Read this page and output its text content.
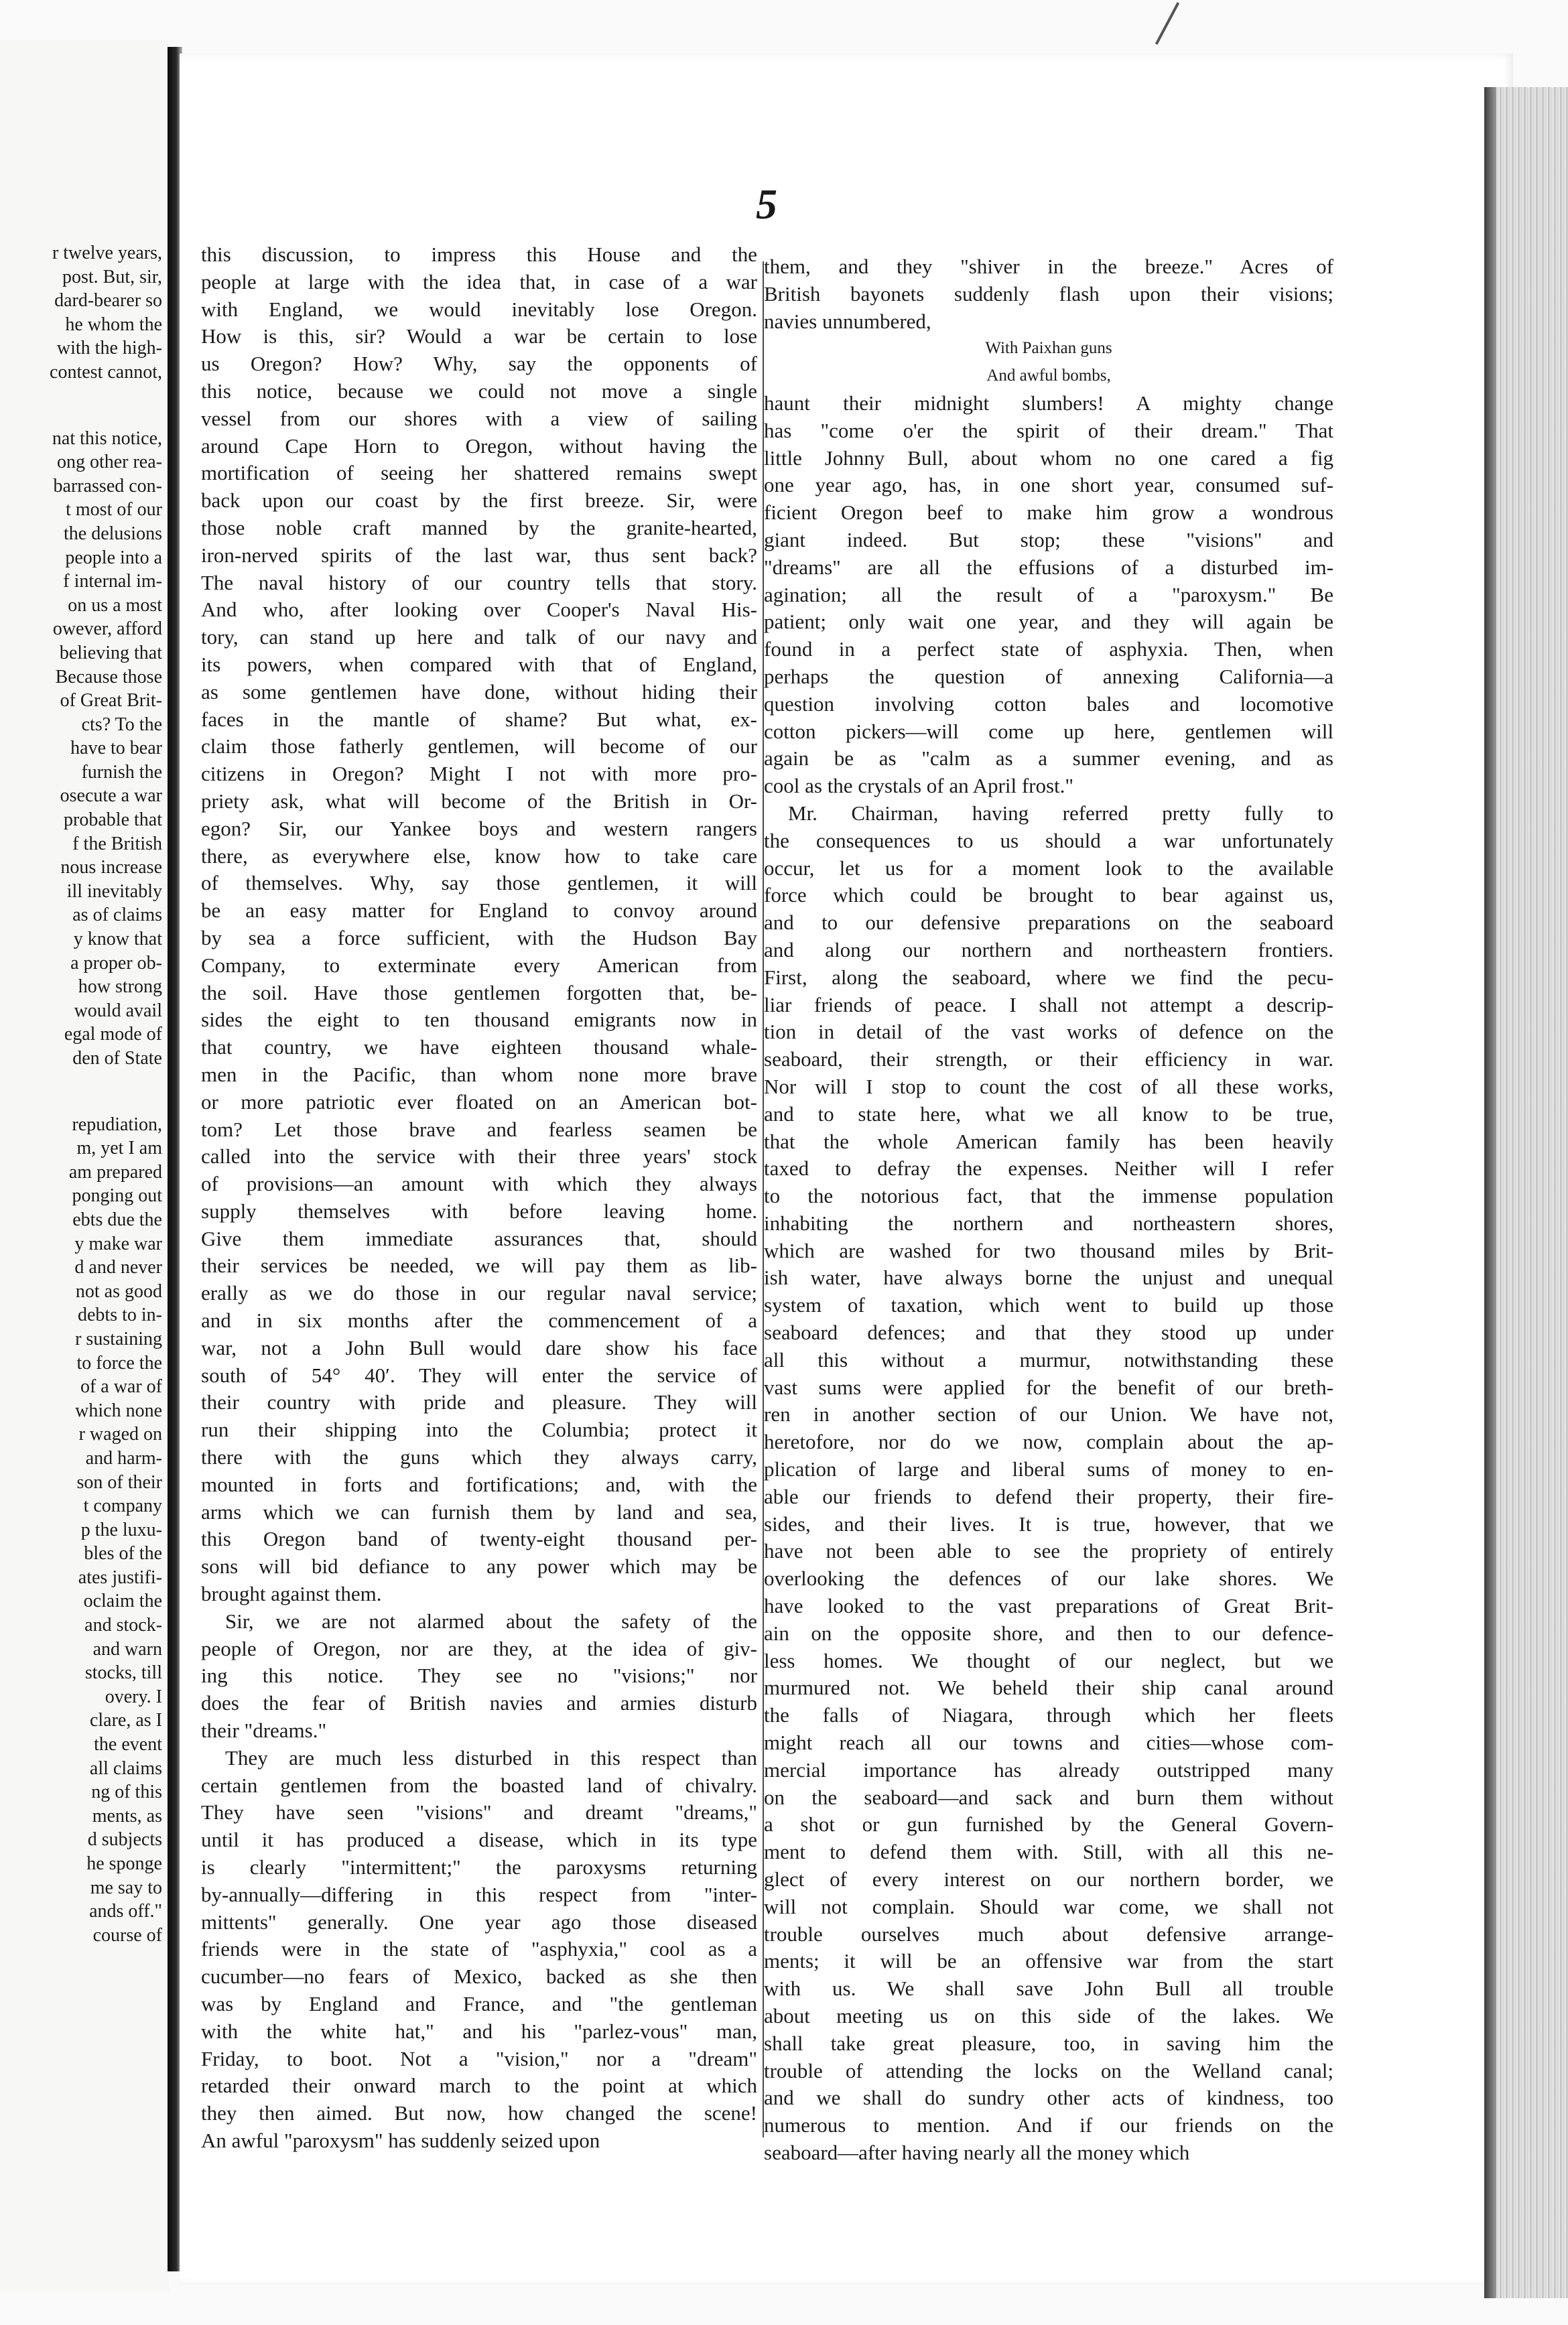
r twelve years,
post. But, sir,
dard-bearer so
he whom the
with the high-
contest cannot,
nat this notice,
ong other rea-
barrassed con-
t most of our
the delusions
people into a
f internal im-
on us a most
owever, afford
believing that
Because those
of Great Brit-
cts? To the
have to bear
furnish the
osecute a war
probable that
f the British
nous increase
ill inevitably
as of claims
y know that
a proper ob-
how strong
would avail
egal mode of
den of State
repudiation,
m, yet I am
am prepared
ponging out
ebts due the
y make war
d and never
not as good
debts to in-
r sustaining
to force the
of a war of
which none
r waged on
and harm-
son of their
t company
p the luxu-
bles of the
ates justifi-
oclaim the
and stock-
and warn
stocks, till
overy. I
clare, as I
the event
all claims
ng of this
ments, as
d subjects
he sponge
me say to
ands off."
course of
5
this discussion, to impress this House and the
people at large with the idea that, in case of a war
with England, we would inevitably lose Oregon.
How is this, sir? Would a war be certain to lose
us Oregon? How? Why, say the opponents of
this notice, because we could not move a single
vessel from our shores with a view of sailing
around Cape Horn to Oregon, without having the
mortification of seeing her shattered remains swept
back upon our coast by the first breeze. Sir, were
those noble craft manned by the granite-hearted,
iron-nerved spirits of the last war, thus sent back?
The naval history of our country tells that story.
And who, after looking over Cooper's Naval His-
tory, can stand up here and talk of our navy and
its powers, when compared with that of England,
as some gentlemen have done, without hiding their
faces in the mantle of shame? But what, ex-
claim those fatherly gentlemen, will become of our
citizens in Oregon? Might I not with more pro-
priety ask, what will become of the British in Or-
egon? Sir, our Yankee boys and western rangers
there, as everywhere else, know how to take care
of themselves. Why, say those gentlemen, it will
be an easy matter for England to convoy around
by sea a force sufficient, with the Hudson Bay
Company, to exterminate every American from
the soil. Have those gentlemen forgotten that, be-
sides the eight to ten thousand emigrants now in
that country, we have eighteen thousand whale-
men in the Pacific, than whom none more brave
or more patriotic ever floated on an American bot-
tom? Let those brave and fearless seamen be
called into the service with their three years' stock
of provisions—an amount with which they always
supply themselves with before leaving home.
Give them immediate assurances that, should
their services be needed, we will pay them as lib-
erally as we do those in our regular naval service;
and in six months after the commencement of a
war, not a John Bull would dare show his face
south of 54° 40′. They will enter the service of
their country with pride and pleasure. They will
run their shipping into the Columbia; protect it
there with the guns which they always carry,
mounted in forts and fortifications; and, with the
arms which we can furnish them by land and sea,
this Oregon band of twenty-eight thousand per-
sons will bid defiance to any power which may be
brought against them.
Sir, we are not alarmed about the safety of the
people of Oregon, nor are they, at the idea of giv-
ing this notice. They see no "visions;" nor
does the fear of British navies and armies disturb
their "dreams."
They are much less disturbed in this respect than
certain gentlemen from the boasted land of chivalry.
They have seen "visions" and dreamt "dreams,"
until it has produced a disease, which in its type
is clearly "intermittent;" the paroxysms returning
by-annually—differing in this respect from "inter-
mittents" generally. One year ago those diseased
friends were in the state of "asphyxia," cool as a
cucumber—no fears of Mexico, backed as she then
was by England and France, and "the gentleman
with the white hat," and his "parlez-vous" man,
Friday, to boot. Not a "vision," nor a "dream"
retarded their onward march to the point at which
they then aimed. But now, how changed the scene!
An awful "paroxysm" has suddenly seized upon
them, and they "shiver in the breeze." Acres of
British bayonets suddenly flash upon their visions;
navies unnumbered,
With Paixhan guns
And awful bombs,
haunt their midnight slumbers! A mighty change
has "come o'er the spirit of their dream." That
little Johnny Bull, about whom no one cared a fig
one year ago, has, in one short year, consumed suf-
ficient Oregon beef to make him grow a wondrous
giant indeed. But stop; these "visions" and
"dreams" are all the effusions of a disturbed im-
agination; all the result of a "paroxysm." Be
patient; only wait one year, and they will again be
found in a perfect state of asphyxia. Then, when
perhaps the question of annexing California—a
question involving cotton bales and locomotive
cotton pickers—will come up here, gentlemen will
again be as "calm as a summer evening, and as
cool as the crystals of an April frost."
Mr. Chairman, having referred pretty fully to
the consequences to us should a war unfortunately
occur, let us for a moment look to the available
force which could be brought to bear against us,
and to our defensive preparations on the seaboard
and along our northern and northeastern frontiers.
First, along the seaboard, where we find the pecu-
liar friends of peace. I shall not attempt a descrip-
tion in detail of the vast works of defence on the
seaboard, their strength, or their efficiency in war.
Nor will I stop to count the cost of all these works,
and to state here, what we all know to be true,
that the whole American family has been heavily
taxed to defray the expenses. Neither will I refer
to the notorious fact, that the immense population
inhabiting the northern and northeastern shores,
which are washed for two thousand miles by Brit-
ish water, have always borne the unjust and unequal
system of taxation, which went to build up those
seaboard defences; and that they stood up under
all this without a murmur, notwithstanding these
vast sums were applied for the benefit of our breth-
ren in another section of our Union. We have not,
heretofore, nor do we now, complain about the ap-
plication of large and liberal sums of money to en-
able our friends to defend their property, their fire-
sides, and their lives. It is true, however, that we
have not been able to see the propriety of entirely
overlooking the defences of our lake shores. We
have looked to the vast preparations of Great Brit-
ain on the opposite shore, and then to our defence-
less homes. We thought of our neglect, but we
murmured not. We beheld their ship canal around
the falls of Niagara, through which her fleets
might reach all our towns and cities—whose com-
mercial importance has already outstripped many
on the seaboard—and sack and burn them without
a shot or gun furnished by the General Govern-
ment to defend them with. Still, with all this ne-
glect of every interest on our northern border, we
will not complain. Should war come, we shall not
trouble ourselves much about defensive arrange-
ments; it will be an offensive war from the start
with us. We shall save John Bull all trouble
about meeting us on this side of the lakes. We
shall take great pleasure, too, in saving him the
trouble of attending the locks on the Welland canal;
and we shall do sundry other acts of kindness, too
numerous to mention. And if our friends on the
seaboard—after having nearly all the money which
